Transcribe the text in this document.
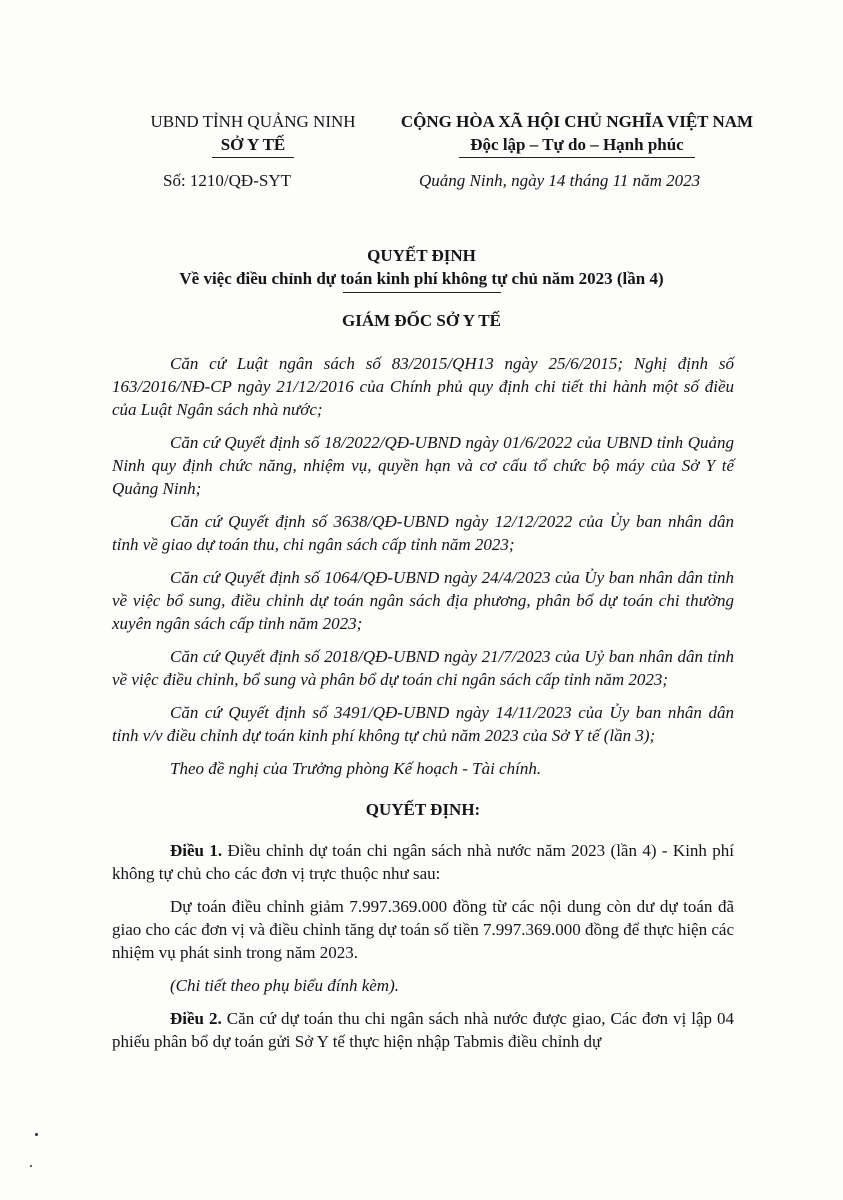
UBND TỈNH QUẢNG NINH
SỞ Y TẾ
CỘNG HÒA XÃ HỘI CHỦ NGHĨA VIỆT NAM
Độc lập – Tự do – Hạnh phúc
Số: 1210/QĐ-SYT	Quảng Ninh, ngày 14 tháng 11 năm 2023
QUYẾT ĐỊNH
Về việc điều chỉnh dự toán kinh phí không tự chủ năm 2023 (lần 4)
GIÁM ĐỐC SỞ Y TẾ

Căn cứ Luật ngân sách số 83/2015/QH13 ngày 25/6/2015; Nghị định số 163/2016/NĐ-CP ngày 21/12/2016 của Chính phủ quy định chi tiết thi hành một số điều của Luật Ngân sách nhà nước;

Căn cứ Quyết định số 18/2022/QĐ-UBND ngày 01/6/2022 của UBND tỉnh Quảng Ninh quy định chức năng, nhiệm vụ, quyền hạn và cơ cấu tổ chức bộ máy của Sở Y tế Quảng Ninh;

Căn cứ Quyết định số 3638/QĐ-UBND ngày 12/12/2022 của Ủy ban nhân dân tỉnh về giao dự toán thu, chi ngân sách cấp tỉnh năm 2023;

Căn cứ Quyết định số 1064/QĐ-UBND ngày 24/4/2023 của Ủy ban nhân dân tỉnh về việc bổ sung, điều chỉnh dự toán ngân sách địa phương, phân bổ dự toán chi thường xuyên ngân sách cấp tỉnh năm 2023;

Căn cứ Quyết định số 2018/QĐ-UBND ngày 21/7/2023 của Uỷ ban nhân dân tỉnh về việc điều chỉnh, bổ sung và phân bổ dự toán chi ngân sách cấp tỉnh năm 2023;

Căn cứ Quyết định số 3491/QĐ-UBND ngày 14/11/2023 của Ủy ban nhân dân tỉnh v/v điều chỉnh dự toán kinh phí không tự chủ năm 2023 của Sở Y tế (lần 3);

Theo đề nghị của Trưởng phòng Kế hoạch - Tài chính.

QUYẾT ĐỊNH:

Điều 1. Điều chỉnh dự toán chi ngân sách nhà nước năm 2023 (lần 4) - Kinh phí không tự chủ cho các đơn vị trực thuộc như sau:

Dự toán điều chỉnh giảm 7.997.369.000 đồng từ các nội dung còn dư dự toán đã giao cho các đơn vị và điều chỉnh tăng dự toán số tiền 7.997.369.000 đồng để thực hiện các nhiệm vụ phát sinh trong năm 2023.

(Chi tiết theo phụ biểu đính kèm).

Điều 2. Căn cứ dự toán thu chi ngân sách nhà nước được giao, Các đơn vị lập 04 phiếu phân bổ dự toán gửi Sở Y tế thực hiện nhập Tabmis điều chỉnh dự
